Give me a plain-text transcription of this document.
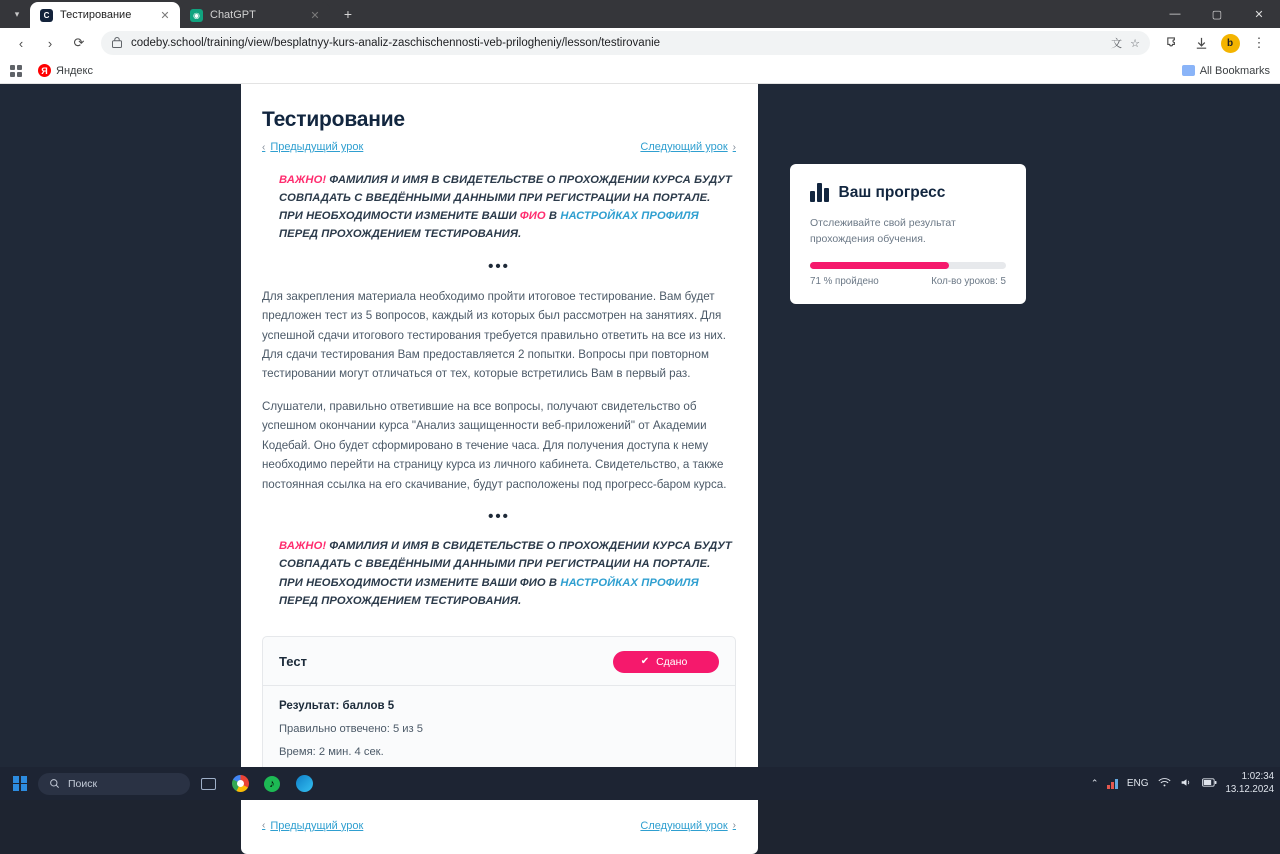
▾	C Тестирование	✕	◉ ChatGPT	✕	+	—	▢	✕
‹	›	⟳	codeby.school/training/view/besplatnyy-kurs-analiz-zaschischennosti-veb-prilogheniy/lesson/testirovanie	文 ☆	b	⋮
Я Яндекс	All Bookmarks
Тестирование
‹ Предыдущий урок	Следующий урок ›
ВАЖНО! ФАМИЛИЯ И ИМЯ В СВИДЕТЕЛЬСТВЕ О ПРОХОЖДЕНИИ КУРСА БУДУТ СОВПАДАТЬ С ВВЕДЁННЫМИ ДАННЫМИ ПРИ РЕГИСТРАЦИИ НА ПОРТАЛЕ. ПРИ НЕОБХОДИМОСТИ ИЗМЕНИТЕ ВАШИ ФИО В НАСТРОЙКАХ ПРОФИЛЯ ПЕРЕД ПРОХОЖДЕНИЕМ ТЕСТИРОВАНИЯ.
•••

Для закрепления материала необходимо пройти итоговое тестирование. Вам будет предложен тест из 5 вопросов, каждый из которых был рассмотрен на занятиях. Для успешной сдачи итогового тестирования требуется правильно ответить на все из них. Для сдачи тестирования Вам предоставляется 2 попытки. Вопросы при повторном тестировании могут отличаться от тех, которые встретились Вам в первый раз.

Слушатели, правильно ответившие на все вопросы, получают свидетельство об успешном окончании курса "Анализ защищенности веб-приложений" от Академии Кодебай. Оно будет сформировано в течение часа. Для получения доступа к нему необходимо перейти на страницу курса из личного кабинета. Свидетельство, а также постоянная ссылка на его скачивание, будут расположены под прогресс-баром курса.

•••
ВАЖНО! ФАМИЛИЯ И ИМЯ В СВИДЕТЕЛЬСТВЕ О ПРОХОЖДЕНИИ КУРСА БУДУТ СОВПАДАТЬ С ВВЕДЁННЫМИ ДАННЫМИ ПРИ РЕГИСТРАЦИИ НА ПОРТАЛЕ. ПРИ НЕОБХОДИМОСТИ ИЗМЕНИТЕ ВАШИ ФИО В НАСТРОЙКАХ ПРОФИЛЯ ПЕРЕД ПРОХОЖДЕНИЕМ ТЕСТИРОВАНИЯ.
Тест	✔ Сдано

Результат: баллов 5

Правильно отвечено: 5 из 5

Время: 2 мин. 4 сек.

‹ Предыдущий урок	Следующий урок ›
Ваш прогресс

Отслеживайте свой результат прохождения обучения.

71 % пройдено	Кол-во уроков: 5
Поиск	♪	⌃	ENG
1:02:34
13.12.2024
